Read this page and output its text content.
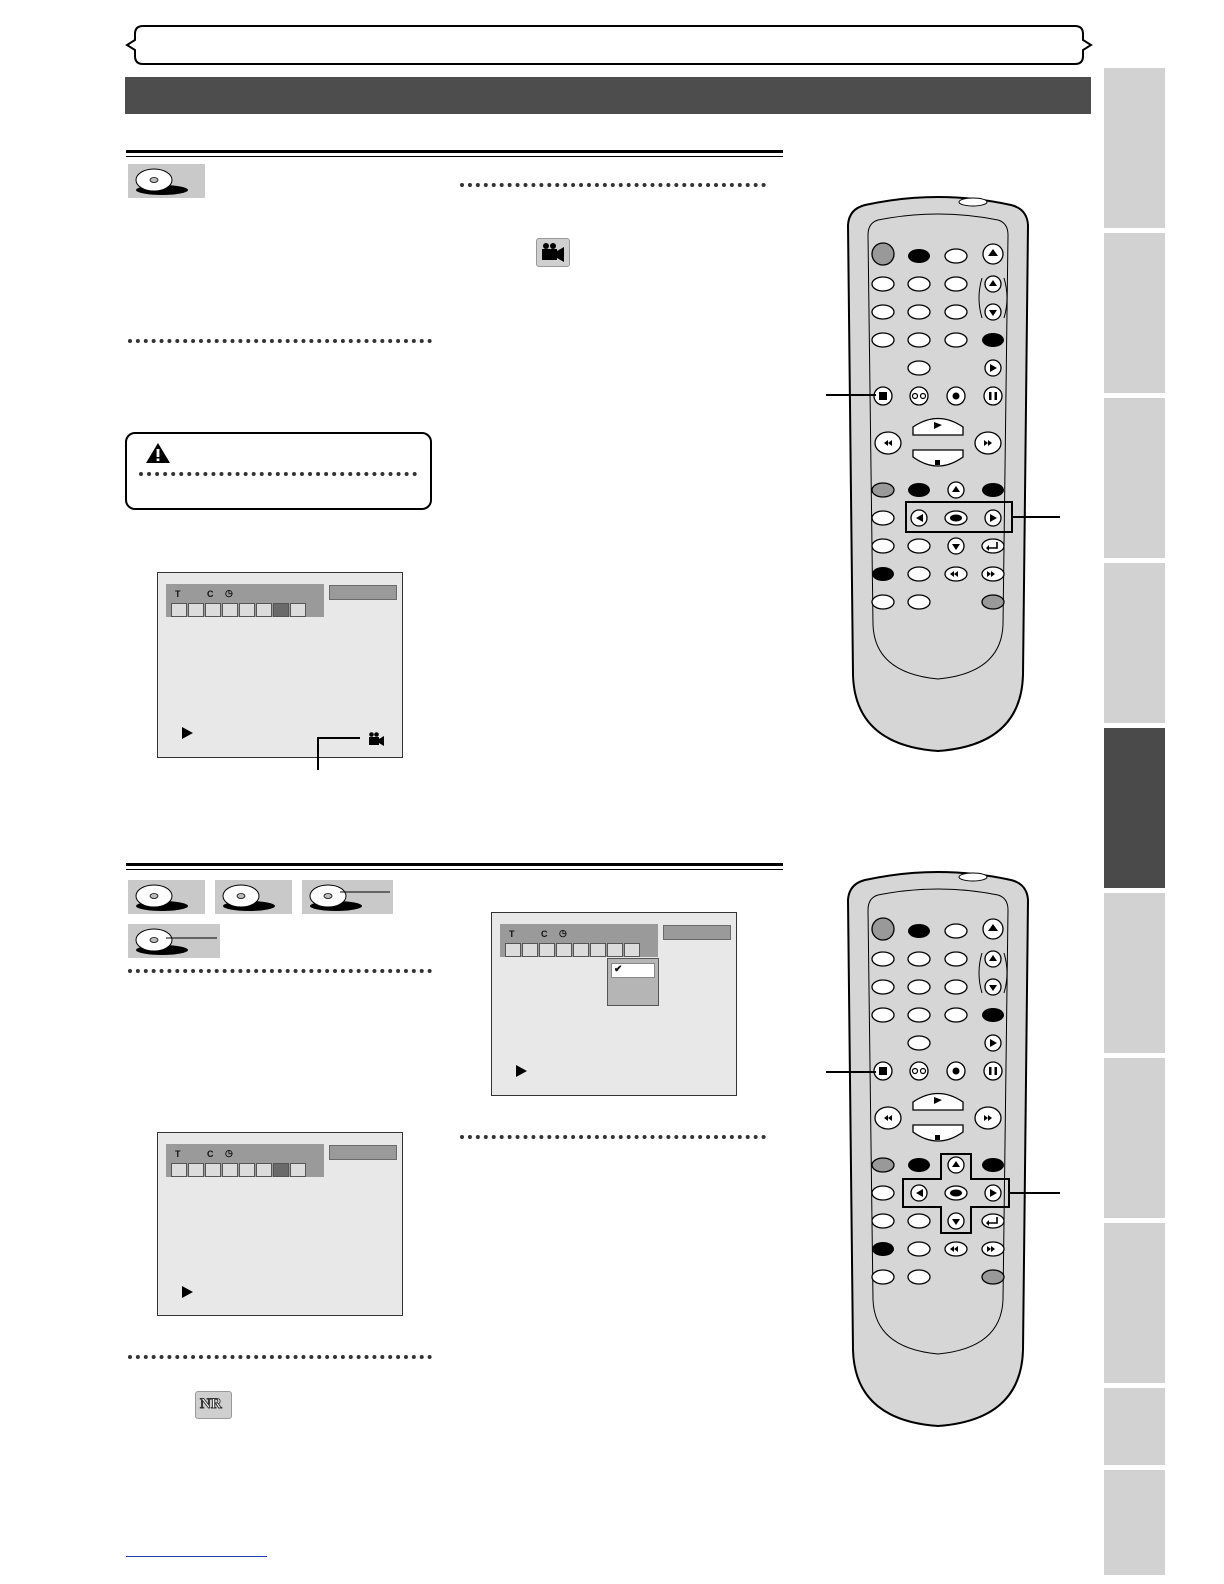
T	C ◷
T	C ◷
✔
T	C ◷
NR
